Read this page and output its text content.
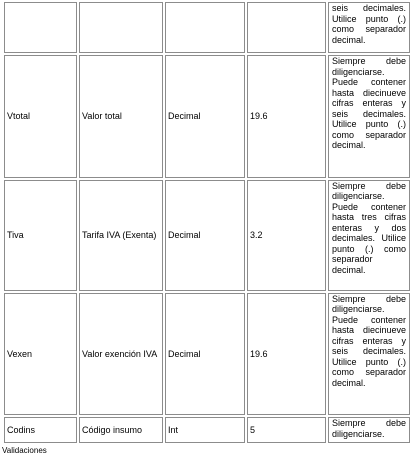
				seis decimales. Utilice punto (.) como separador decimal.

Vtotal	Valor total	Decimal	19.6	Siempre debe diligenciarse. Puede contener hasta diecinueve cifras enteras y seis decimales. Utilice punto (.) como separador decimal.

Tiva	Tarifa IVA (Exenta)	Decimal	3.2	Siempre debe diligenciarse. Puede contener hasta tres cifras enteras y dos decimales. Utilice punto (.) como separador decimal.

Vexen	Valor exención IVA	Decimal	19.6	Siempre debe diligenciarse. Puede contener hasta diecinueve cifras enteras y seis decimales. Utilice punto (.) como separador decimal.

Codins	Código insumo	Int	5	Siempre debe diligenciarse.
Validaciones
